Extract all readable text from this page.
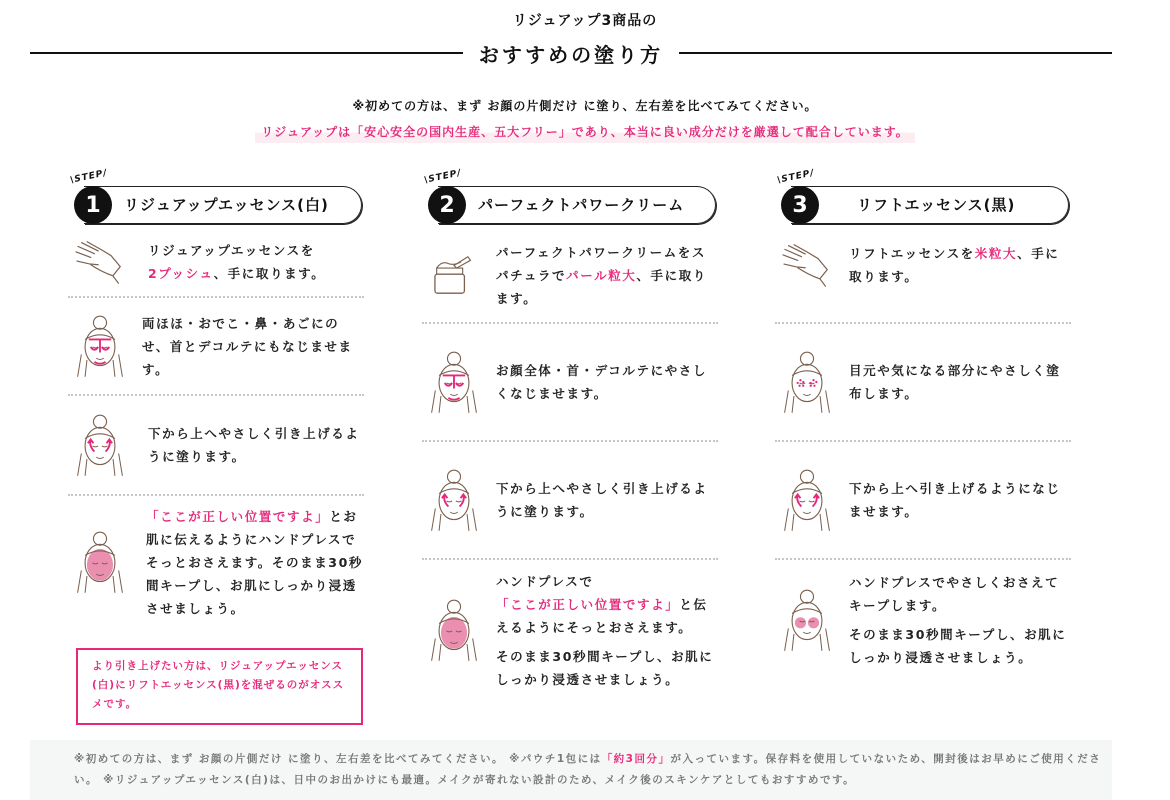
リジュアップ3商品の
おすすめの塗り方
※初めての方は、まず お顔の片側だけ に塗り、左右差を比べてみてください。
リジュアップは「安心安全の国内生産、五大フリー」であり、本当に良い成分だけを厳選して配合しています。
\STEP/
1	リジュアップエッセンス(白)
リジュアップエッセンスを
2プッシュ、手に取ります。
両ほほ・おでこ・鼻・あごにのせ、首とデコルテにもなじませます。
下から上へやさしく引き上げるように塗ります。
「ここが正しい位置ですよ」とお肌に伝えるようにハンドプレスでそっとおさえます。そのまま30秒間キープし、お肌にしっかり浸透させましょう。
より引き上げたい方は、リジュアップエッセンス(白)にリフトエッセンス(黒)を混ぜるのがオススメです。
\STEP/
2	パーフェクトパワークリーム
パーフェクトパワークリームをスパチュラでパール粒大、手に取ります。
お顔全体・首・デコルテにやさしくなじませます。
下から上へやさしく引き上げるように塗ります。

ハンドプレスで
「ここが正しい位置ですよ」と伝えるようにそっとおさえます。

そのまま30秒間キープし、お肌にしっかり浸透させましょう。

\STEP/
3	リフトエッセンス(黒)
リフトエッセンスを米粒大、手に取ります。
目元や気になる部分にやさしく塗布します。
下から上へ引き上げるようになじませます。

ハンドプレスでやさしくおさえてキープします。

そのまま30秒間キープし、お肌にしっかり浸透させましょう。

※初めての方は、まず お顔の片側だけ に塗り、左右差を比べてみてください。 ※パウチ1包には「約3回分」が入っています。保存料を使用していないため、開封後はお早めにご使用ください。 ※リジュアップエッセンス(白)は、日中のお出かけにも最適。メイクが寄れない設計のため、メイク後のスキンケアとしてもおすすめです。
